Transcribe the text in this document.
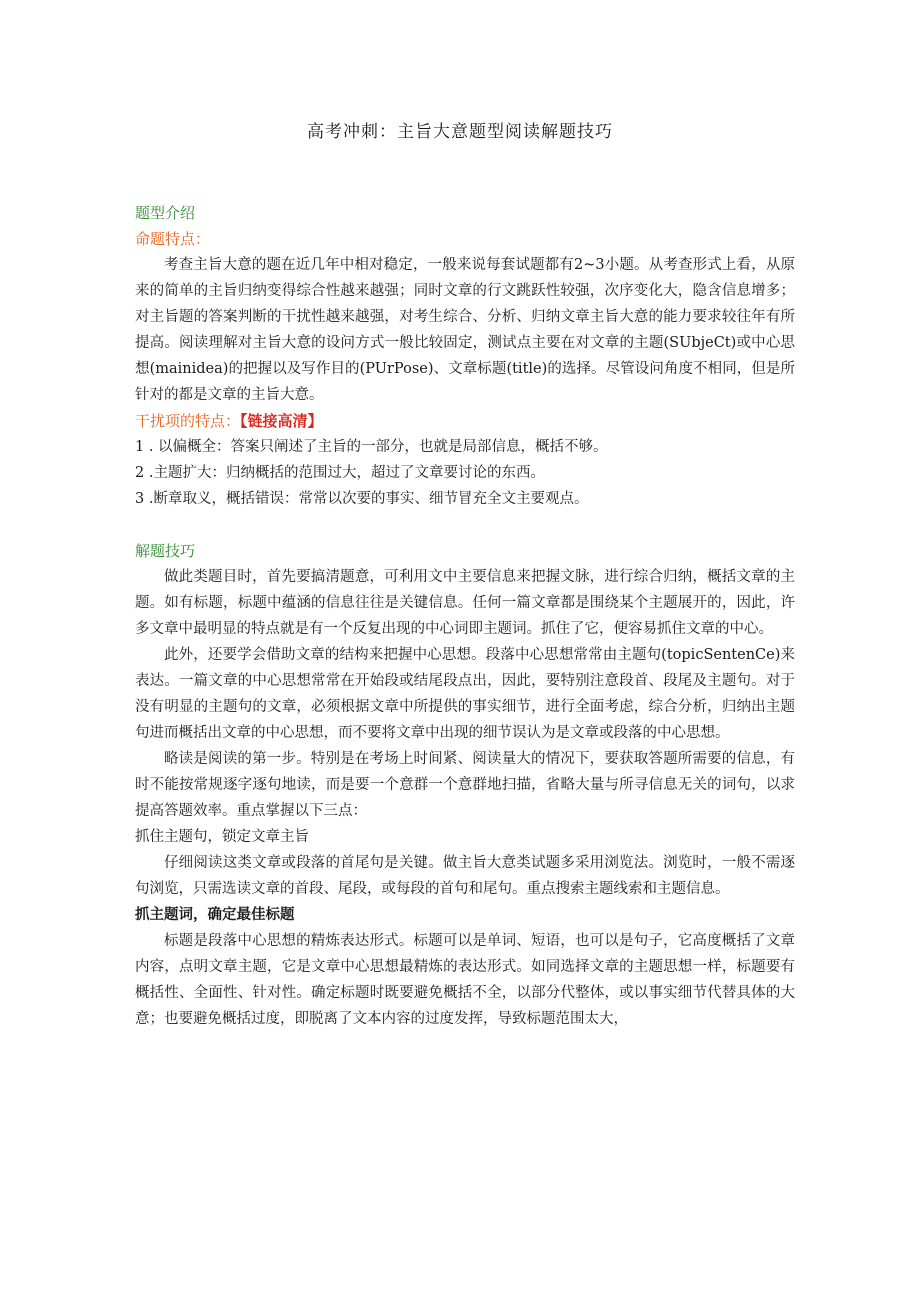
高考冲刺：主旨大意题型阅读解题技巧
题型介绍
命题特点：

考查主旨大意的题在近几年中相对稳定，一般来说每套试题都有2~3小题。从考查形式上看，从原来的简单的主旨归纳变得综合性越来越强；同时文章的行文跳跃性较强，次序变化大，隐含信息增多；对主旨题的答案判断的干扰性越来越强，对考生综合、分析、归纳文章主旨大意的能力要求较往年有所提高。阅读理解对主旨大意的设问方式一般比较固定，测试点主要在对文章的主题(SUbjeCt)或中心思想(mainidea)的把握以及写作目的(PUrPose)、文章标题(title)的选择。尽管设问角度不相同，但是所针对的都是文章的主旨大意。

干扰项的特点：【链接高清】
1 . 以偏概全：答案只阐述了主旨的一部分，也就是局部信息，概括不够。
2 .主题扩大：归纳概括的范围过大，超过了文章要讨论的东西。
3 .断章取义，概括错误：常常以次要的事实、细节冒充全文主要观点。
解题技巧

做此类题目时，首先要搞清题意，可利用文中主要信息来把握文脉，进行综合归纳，概括文章的主题。如有标题，标题中蕴涵的信息往往是关键信息。任何一篇文章都是围绕某个主题展开的，因此，许多文章中最明显的特点就是有一个反复出现的中心词即主题词。抓住了它，便容易抓住文章的中心。

此外，还要学会借助文章的结构来把握中心思想。段落中心思想常常由主题句(topicSentenCe)来表达。一篇文章的中心思想常常在开始段或结尾段点出，因此，要特别注意段首、段尾及主题句。对于没有明显的主题句的文章，必须根据文章中所提供的事实细节，进行全面考虑，综合分析，归纳出主题句进而概括出文章的中心思想，而不要将文章中出现的细节误认为是文章或段落的中心思想。

略读是阅读的第一步。特别是在考场上时间紧、阅读量大的情况下，要获取答题所需要的信息，有时不能按常规逐字逐句地读，而是要一个意群一个意群地扫描，省略大量与所寻信息无关的词句，以求提高答题效率。重点掌握以下三点：

抓住主题句，锁定文章主旨

仔细阅读这类文章或段落的首尾句是关键。做主旨大意类试题多采用浏览法。浏览时，一般不需逐句浏览，只需选读文章的首段、尾段，或每段的首句和尾句。重点搜索主题线索和主题信息。

抓主题词，确定最佳标题

标题是段落中心思想的精炼表达形式。标题可以是单词、短语，也可以是句子，它高度概括了文章内容，点明文章主题，它是文章中心思想最精炼的表达形式。如同选择文章的主题思想一样，标题要有概括性、全面性、针对性。确定标题时既要避免概括不全，以部分代整体，或以事实细节代替具体的大意；也要避免概括过度，即脱离了文本内容的过度发挥，导致标题范围太大，
